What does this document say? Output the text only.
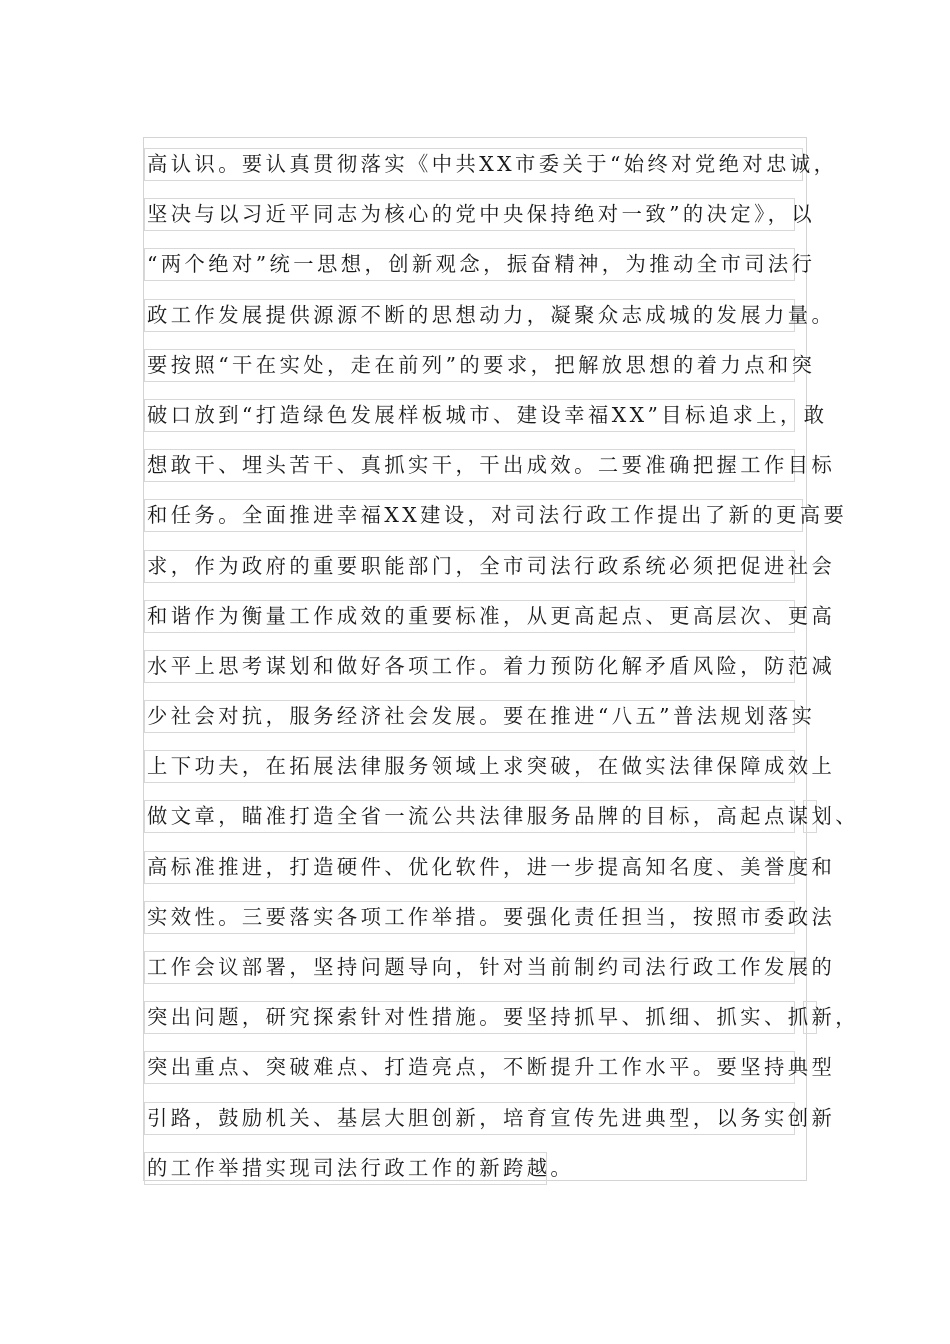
高认识。要认真贯彻落实《中共XX市委关于“始终对党绝对忠诚，
坚决与以习近平同志为核心的党中央保持绝对一致”的决定》，以
“两个绝对”统一思想，创新观念，振奋精神，为推动全市司法行
政工作发展提供源源不断的思想动力，凝聚众志成城的发展力量。
要按照“干在实处，走在前列”的要求，把解放思想的着力点和突
破口放到“打造绿色发展样板城市、建设幸福XX”目标追求上，敢
想敢干、埋头苦干、真抓实干，干出成效。二要准确把握工作目标
和任务。全面推进幸福XX建设，对司法行政工作提出了新的更高要
求，作为政府的重要职能部门，全市司法行政系统必须把促进社会
和谐作为衡量工作成效的重要标准，从更高起点、更高层次、更高
水平上思考谋划和做好各项工作。着力预防化解矛盾风险，防范减
少社会对抗，服务经济社会发展。要在推进“八五”普法规划落实
上下功夫，在拓展法律服务领域上求突破，在做实法律保障成效上
做文章，瞄准打造全省一流公共法律服务品牌的目标，高起点谋划、
高标准推进，打造硬件、优化软件，进一步提高知名度、美誉度和
实效性。三要落实各项工作举措。要强化责任担当，按照市委政法
工作会议部署，坚持问题导向，针对当前制约司法行政工作发展的
突出问题，研究探索针对性措施。要坚持抓早、抓细、抓实、抓新，
突出重点、突破难点、打造亮点，不断提升工作水平。要坚持典型
引路，鼓励机关、基层大胆创新，培育宣传先进典型，以务实创新
的工作举措实现司法行政工作的新跨越。
